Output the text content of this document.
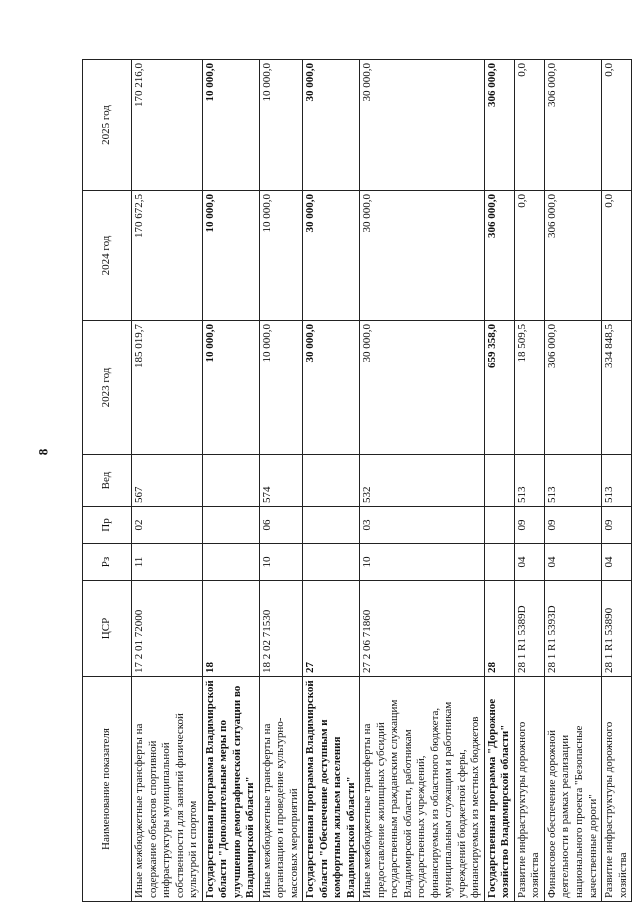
8
Наименование показателя	ЦСР	Рз	Пр	Вед	2023 год	2024 год	2025 год
Иные межбюджетные трансферты на содержание объектов спортивной инфраструктуры муниципальной собственности для занятий физической культурой и спортом	17 2 01 72000	11	02	567	185 019,7	170 672,5	170 216,0
Государственная программа Владимирской области "Дополнительные меры по улучшению демографической ситуации во Владимирской области"	18				10 000,0	10 000,0	10 000,0
Иные межбюджетные трансферты на организацию и проведение культурно-массовых мероприятий	18 2 02 71530	10	06	574	10 000,0	10 000,0	10 000,0
Государственная программа Владимирской области "Обеспечение доступным и комфортным жильем населения Владимирской области"	27				30 000,0	30 000,0	30 000,0
Иные межбюджетные трансферты на предоставление жилищных субсидий государственным гражданским служащим Владимирской области, работникам государственных учреждений, финансируемых из областного бюджета, муниципальным служащим и работникам учреждений бюджетной сферы, финансируемых из местных бюджетов	27 2 06 71860	10	03	532	30 000,0	30 000,0	30 000,0
Государственная программа "Дорожное хозяйство Владимирской области"	28				659 358,0	306 000,0	306 000,0
Развитие инфраструктуры дорожного хозяйства	28 1 R1 5389D	04	09	513	18 509,5	0,0	0,0
Финансовое обеспечение дорожной деятельности в рамках реализации национального проекта "Безопасные качественные дороги"	28 1 R1 5393D	04	09	513	306 000,0	306 000,0	306 000,0
Развитие инфраструктуры дорожного хозяйства	28 1 R1 53890	04	09	513	334 848,5	0,0	0,0
